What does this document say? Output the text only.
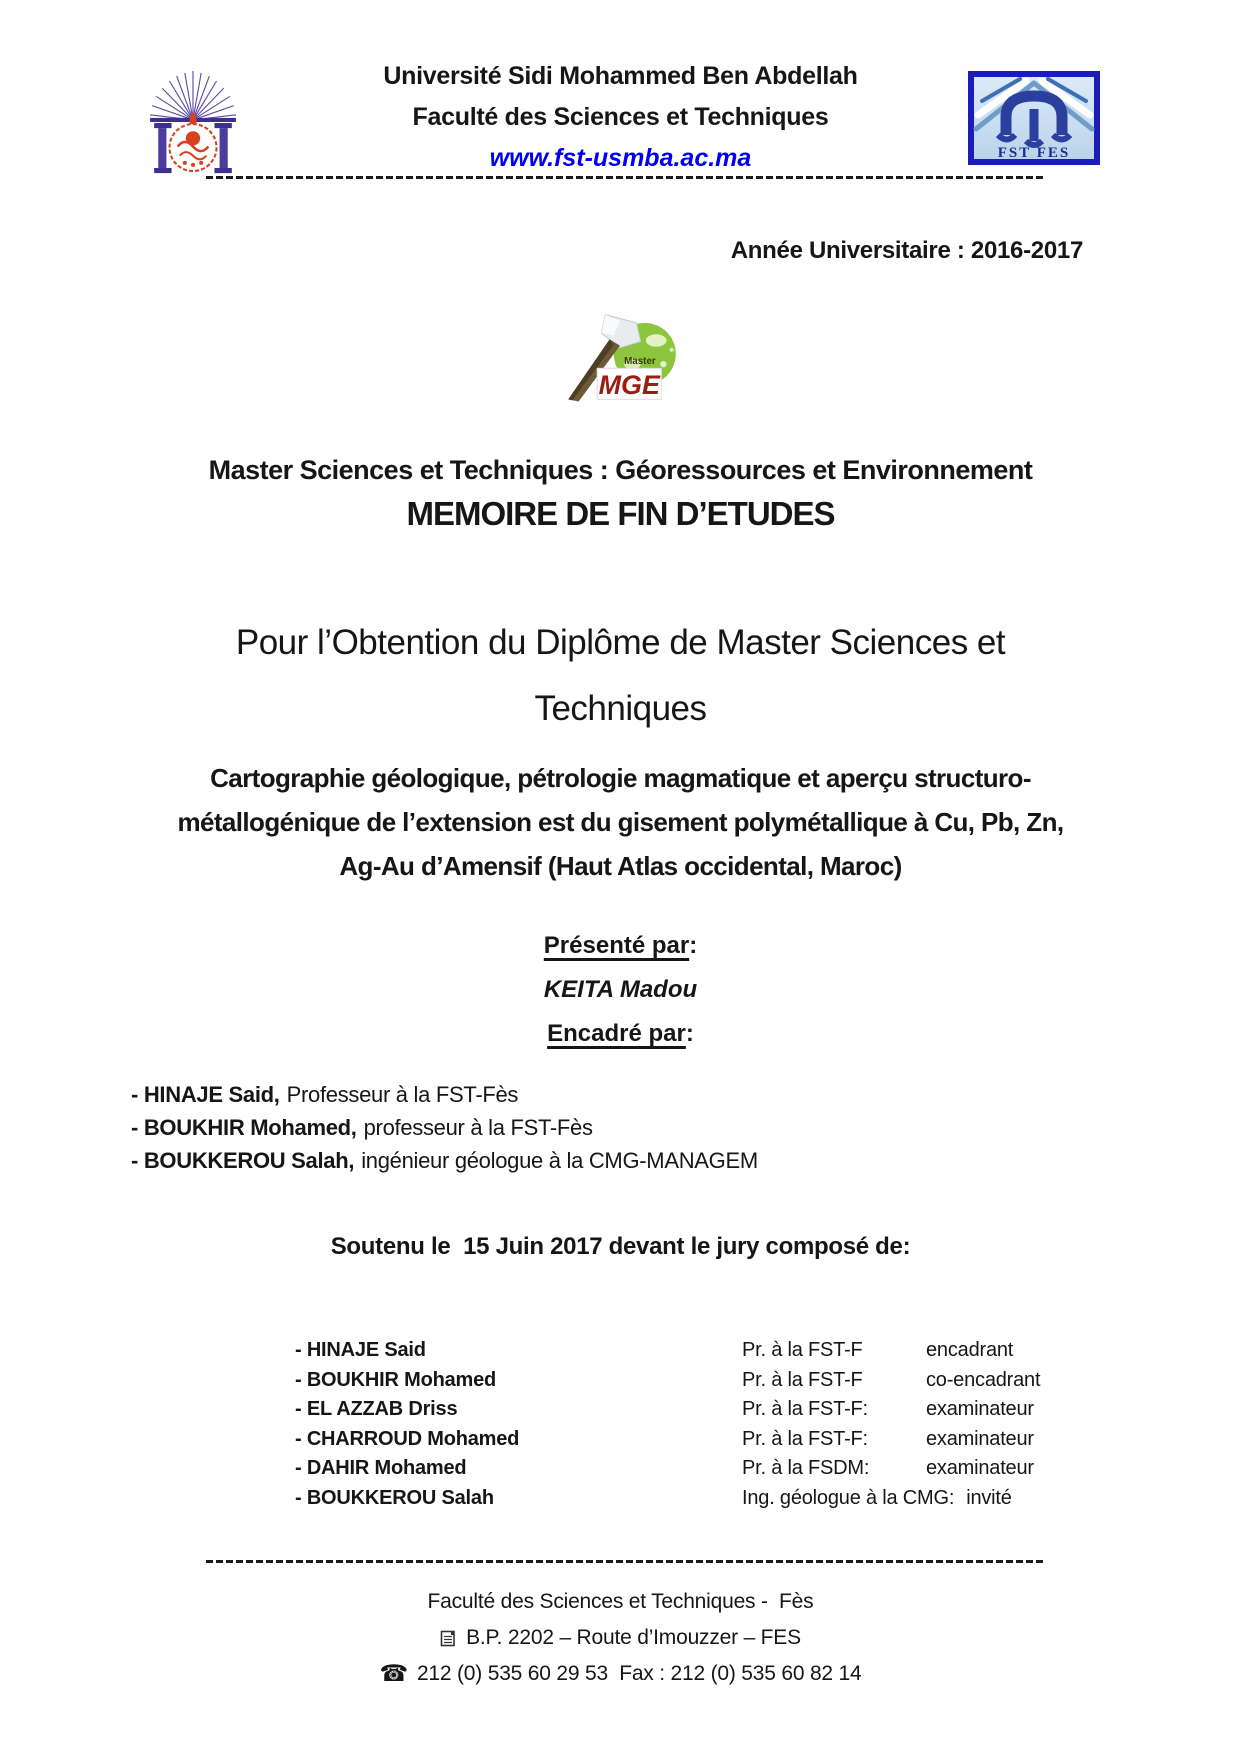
Université Sidi Mohammed Ben Abdellah
Faculté des Sciences et Techniques
www.fst-usmba.ac.ma	FST FES
Année Universitaire : 2016-2017
Master
MGE
Master Sciences et Techniques : Géoressources et Environnement
MEMOIRE DE FIN D’ETUDES
Pour l’Obtention du Diplôme de Master Sciences et
Techniques
Cartographie géologique, pétrologie magmatique et aperçu structuro-
métallogénique de l’extension est du gisement polymétallique à Cu, Pb, Zn,
Ag-Au d’Amensif (Haut Atlas occidental, Maroc)
Présenté par:
KEITA Madou
Encadré par:
- HINAJE Said, Professeur à la FST-Fès
- BOUKHIR Mohamed, professeur à la FST-Fès
- BOUKKEROU Salah, ingénieur géologue à la CMG-MANAGEM
Soutenu le  15 Juin 2017 devant le jury composé de:
- HINAJE Said	Pr. à la FST-F	encadrant
- BOUKHIR Mohamed	Pr. à la FST-F	co-encadrant
- EL AZZAB Driss	Pr. à la FST-F:	examinateur
- CHARROUD Mohamed	Pr. à la FST-F:	examinateur
- DAHIR Mohamed	Pr. à la FSDM:	examinateur
- BOUKKEROU Salah	Ing. géologue à la CMG: invité
Faculté des Sciences et Techniques -  Fès
B.P. 2202 – Route d’Imouzzer – FES
☎ 212 (0) 535 60 29 53  Fax : 212 (0) 535 60 82 14
